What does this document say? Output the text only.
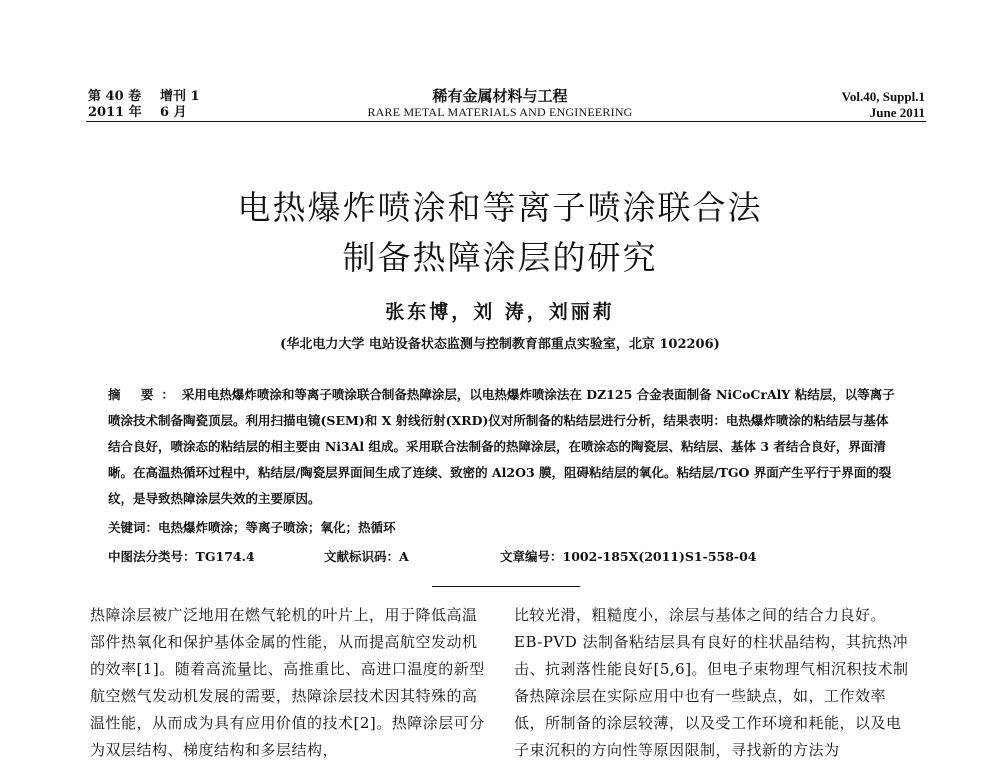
第 40 卷 增刊 1
2011 年 6 月
稀有金属材料与工程
RARE METAL MATERIALS AND ENGINEERING
Vol.40, Suppl.1
June 2011
电热爆炸喷涂和等离子喷涂联合法
制备热障涂层的研究
张东博，刘 涛，刘丽莉
(华北电力大学 电站设备状态监测与控制教育部重点实验室，北京 102206)
摘 要：采用电热爆炸喷涂和等离子喷涂联合制备热障涂层，以电热爆炸喷涂法在 DZ125 合金表面制备 NiCoCrAlY 粘结层，以等离子喷涂技术制备陶瓷顶层。利用扫描电镜(SEM)和 X 射线衍射(XRD)仪对所制备的粘结层进行分析，结果表明：电热爆炸喷涂的粘结层与基体结合良好，喷涂态的粘结层的相主要由 Ni3Al 组成。采用联合法制备的热障涂层，在喷涂态的陶瓷层、粘结层、基体 3 者结合良好，界面清晰。在高温热循环过程中，粘结层/陶瓷层界面间生成了连续、致密的 Al2O3 膜，阻碍粘结层的氧化。粘结层/TGO 界面产生平行于界面的裂纹，是导致热障涂层失效的主要原因。
关键词：电热爆炸喷涂；等离子喷涂；氧化；热循环
中图法分类号：TG174.4	文献标识码：A	文章编号：1002-185X(2011)S1-558-04

热障涂层被广泛地用在燃气轮机的叶片上，用于降低高温部件热氧化和保护基体金属的性能，从而提高航空发动机的效率[1]。随着高流量比、高推重比、高进口温度的新型航空燃气发动机发展的需要，热障涂层技术因其特殊的高温性能，从而成为具有应用价值的技术[2]。热障涂层可分为双层结构、梯度结构和多层结构，

比较光滑，粗糙度小，涂层与基体之间的结合力良好。EB-PVD 法制备粘结层具有良好的柱状晶结构，其抗热冲击、抗剥落性能良好[5,6]。但电子束物理气相沉积技术制备热障涂层在实际应用中也有一些缺点，如，工作效率低，所制备的涂层较薄，以及受工作环境和耗能，以及电子束沉积的方向性等原因限制，寻找新的方法为
